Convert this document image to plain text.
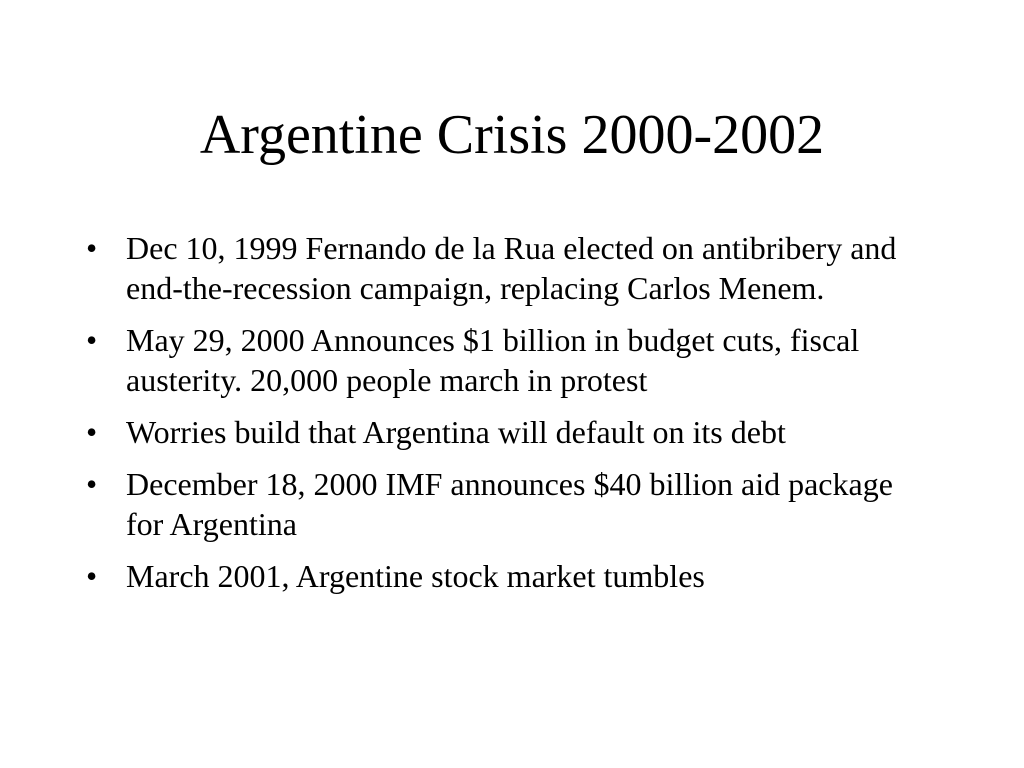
Argentine Crisis 2000-2002
• Dec 10, 1999 Fernando de la Rua elected on antibribery and end-the-recession campaign, replacing Carlos Menem.
• May 29, 2000 Announces $1 billion in budget cuts, fiscal austerity. 20,000 people march in protest
• Worries build that Argentina will default on its debt
• December 18, 2000 IMF announces $40 billion aid package for Argentina
• March 2001, Argentine stock market tumbles
